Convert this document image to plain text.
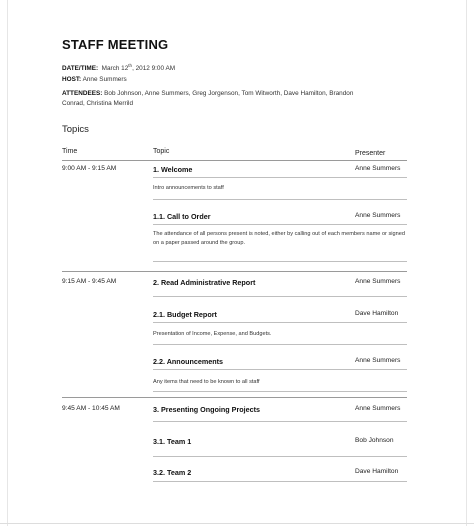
STAFF MEETING
DATE/TIME: March 12th, 2012 9:00 AM
HOST: Anne Summers
ATTENDEES: Bob Johnson, Anne Summers, Greg Jorgenson, Tom Witworth, Dave Hamilton, Brandon
Conrad, Christina Merrild
Topics
Time	Topic	Presenter
9:00 AM - 9:15 AM	1. Welcome	Anne Summers
Intro announcements to staff
1.1. Call to Order	Anne Summers
The attendance of all persons present is noted, either by calling out of each members name or signed on a paper passed around the group.
9:15 AM - 9:45 AM	2. Read Administrative Report	Anne Summers
2.1. Budget Report	Dave Hamilton
Presentation of Income, Expense, and Budgets.
2.2. Announcements	Anne Summers
Any items that need to be known to all staff
9:45 AM - 10:45 AM	3. Presenting Ongoing Projects	Anne Summers
3.1. Team 1	Bob Johnson
3.2. Team 2	Dave Hamilton
